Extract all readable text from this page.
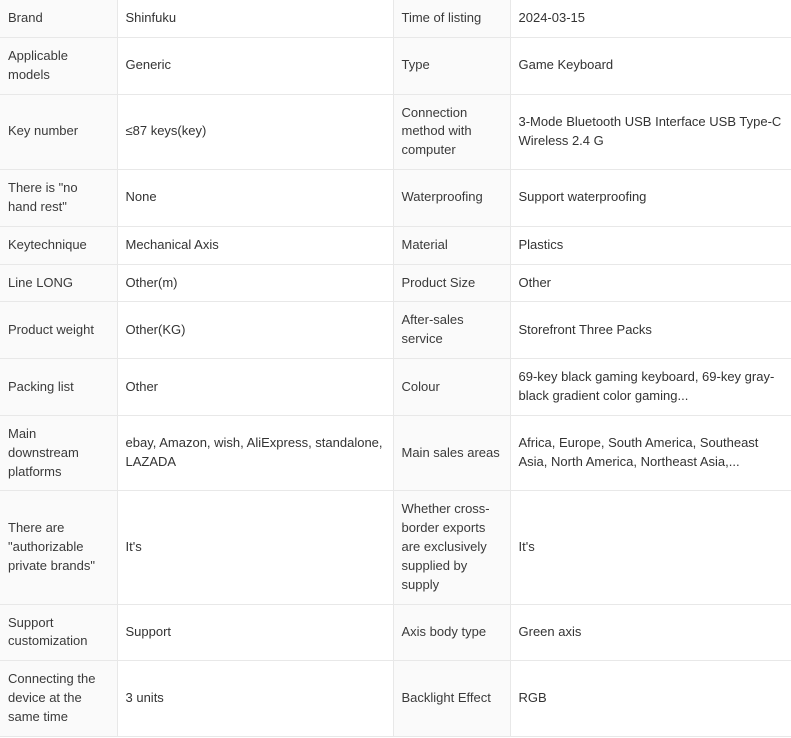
Brand	Shinfuku	Time of listing	2024-03-15
Applicable models	Generic	Type	Game Keyboard
Key number	≤87 keys(key)	Connection method with computer	3-Mode Bluetooth USB Interface USB Type-C Wireless 2.4 G
There is "no hand rest"	None	Waterproofing	Support waterproofing
Keytechnique	Mechanical Axis	Material	Plastics
Line LONG	Other(m)	Product Size	Other
Product weight	Other(KG)	After-sales service	Storefront Three Packs
Packing list	Other	Colour	69-key black gaming keyboard, 69-key gray-black gradient color gaming...
Main downstream platforms	ebay, Amazon, wish, AliExpress, standalone, LAZADA	Main sales areas	Africa, Europe, South America, Southeast Asia, North America, Northeast Asia,...
There are "authorizable private brands"	It's	Whether cross-border exports are exclusively supplied by supply	It's
Support customization	Support	Axis body type	Green axis
Connecting the device at the same time	3 units	Backlight Effect	RGB
